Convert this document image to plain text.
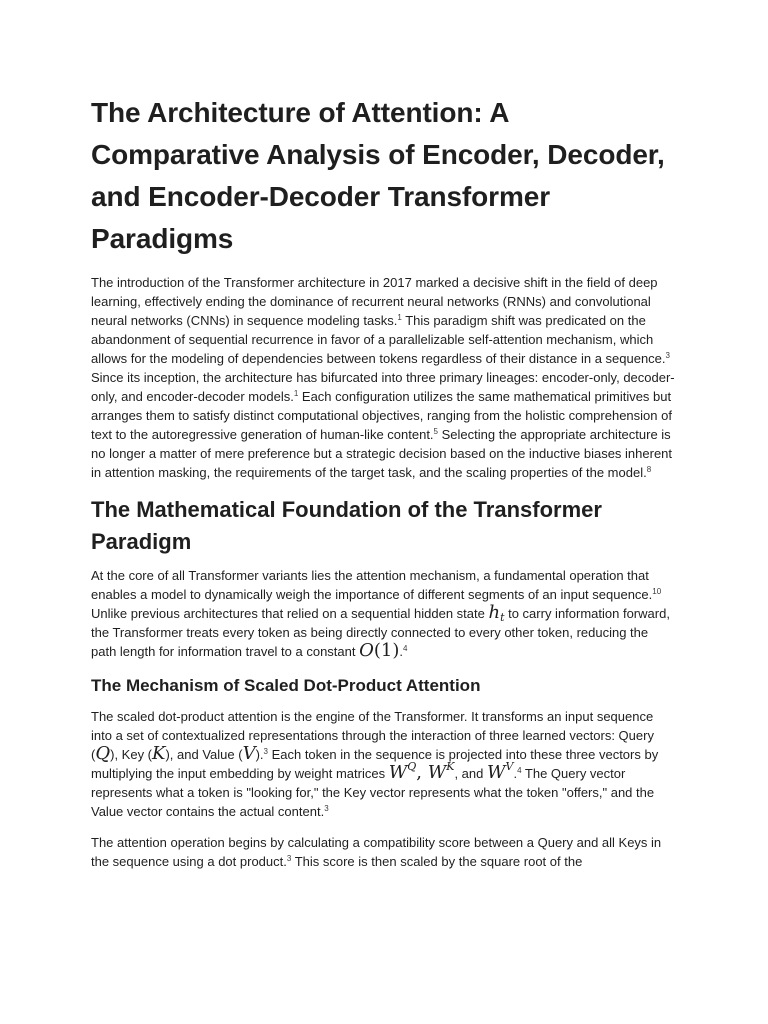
The Architecture of Attention: A Comparative Analysis of Encoder, Decoder, and Encoder-Decoder Transformer Paradigms

The introduction of the Transformer architecture in 2017 marked a decisive shift in the field of deep learning, effectively ending the dominance of recurrent neural networks (RNNs) and convolutional neural networks (CNNs) in sequence modeling tasks.$^1$ This paradigm shift was predicated on the abandonment of sequential recurrence in favor of a parallelizable self-attention mechanism, which allows for the modeling of dependencies between tokens regardless of their distance in a sequence.$^3$ Since its inception, the architecture has bifurcated into three primary lineages: encoder-only, decoder-only, and encoder-decoder models.$^1$ Each configuration utilizes the same mathematical primitives but arranges them to satisfy distinct computational objectives, ranging from the holistic comprehension of text to the autoregressive generation of human-like content.$^5$ Selecting the appropriate architecture is no longer a matter of mere preference but a strategic decision based on the inductive biases inherent in attention masking, the requirements of the target task, and the scaling properties of the model.$^8$

The Mathematical Foundation of the Transformer Paradigm

At the core of all Transformer variants lies the attention mechanism, a fundamental operation that enables a model to dynamically weigh the importance of different segments of an input sequence.$^{10}$ Unlike previous architectures that relied on a sequential hidden state $h_t$ to carry information forward, the Transformer treats every token as being directly connected to every other token, reducing the path length for information travel to a constant O(1).$^4$

The Mechanism of Scaled Dot-Product Attention

The scaled dot-product attention is the engine of the Transformer. It transforms an input sequence into a set of contextualized representations through the interaction of three learned vectors: Query (Q), Key (K), and Value (V).$^3$ Each token in the sequence is projected into these three vectors by multiplying the input embedding by weight matrices $W^Q$, $W^K$, and $W^V.^4$ The Query vector represents what a token is "looking for," the Key vector represents what the token "offers," and the Value vector contains the actual content.$^3$

The attention operation begins by calculating a compatibility score between a Query and all Keys in the sequence using a dot product.$^3$ This score is then scaled by the square root of the
